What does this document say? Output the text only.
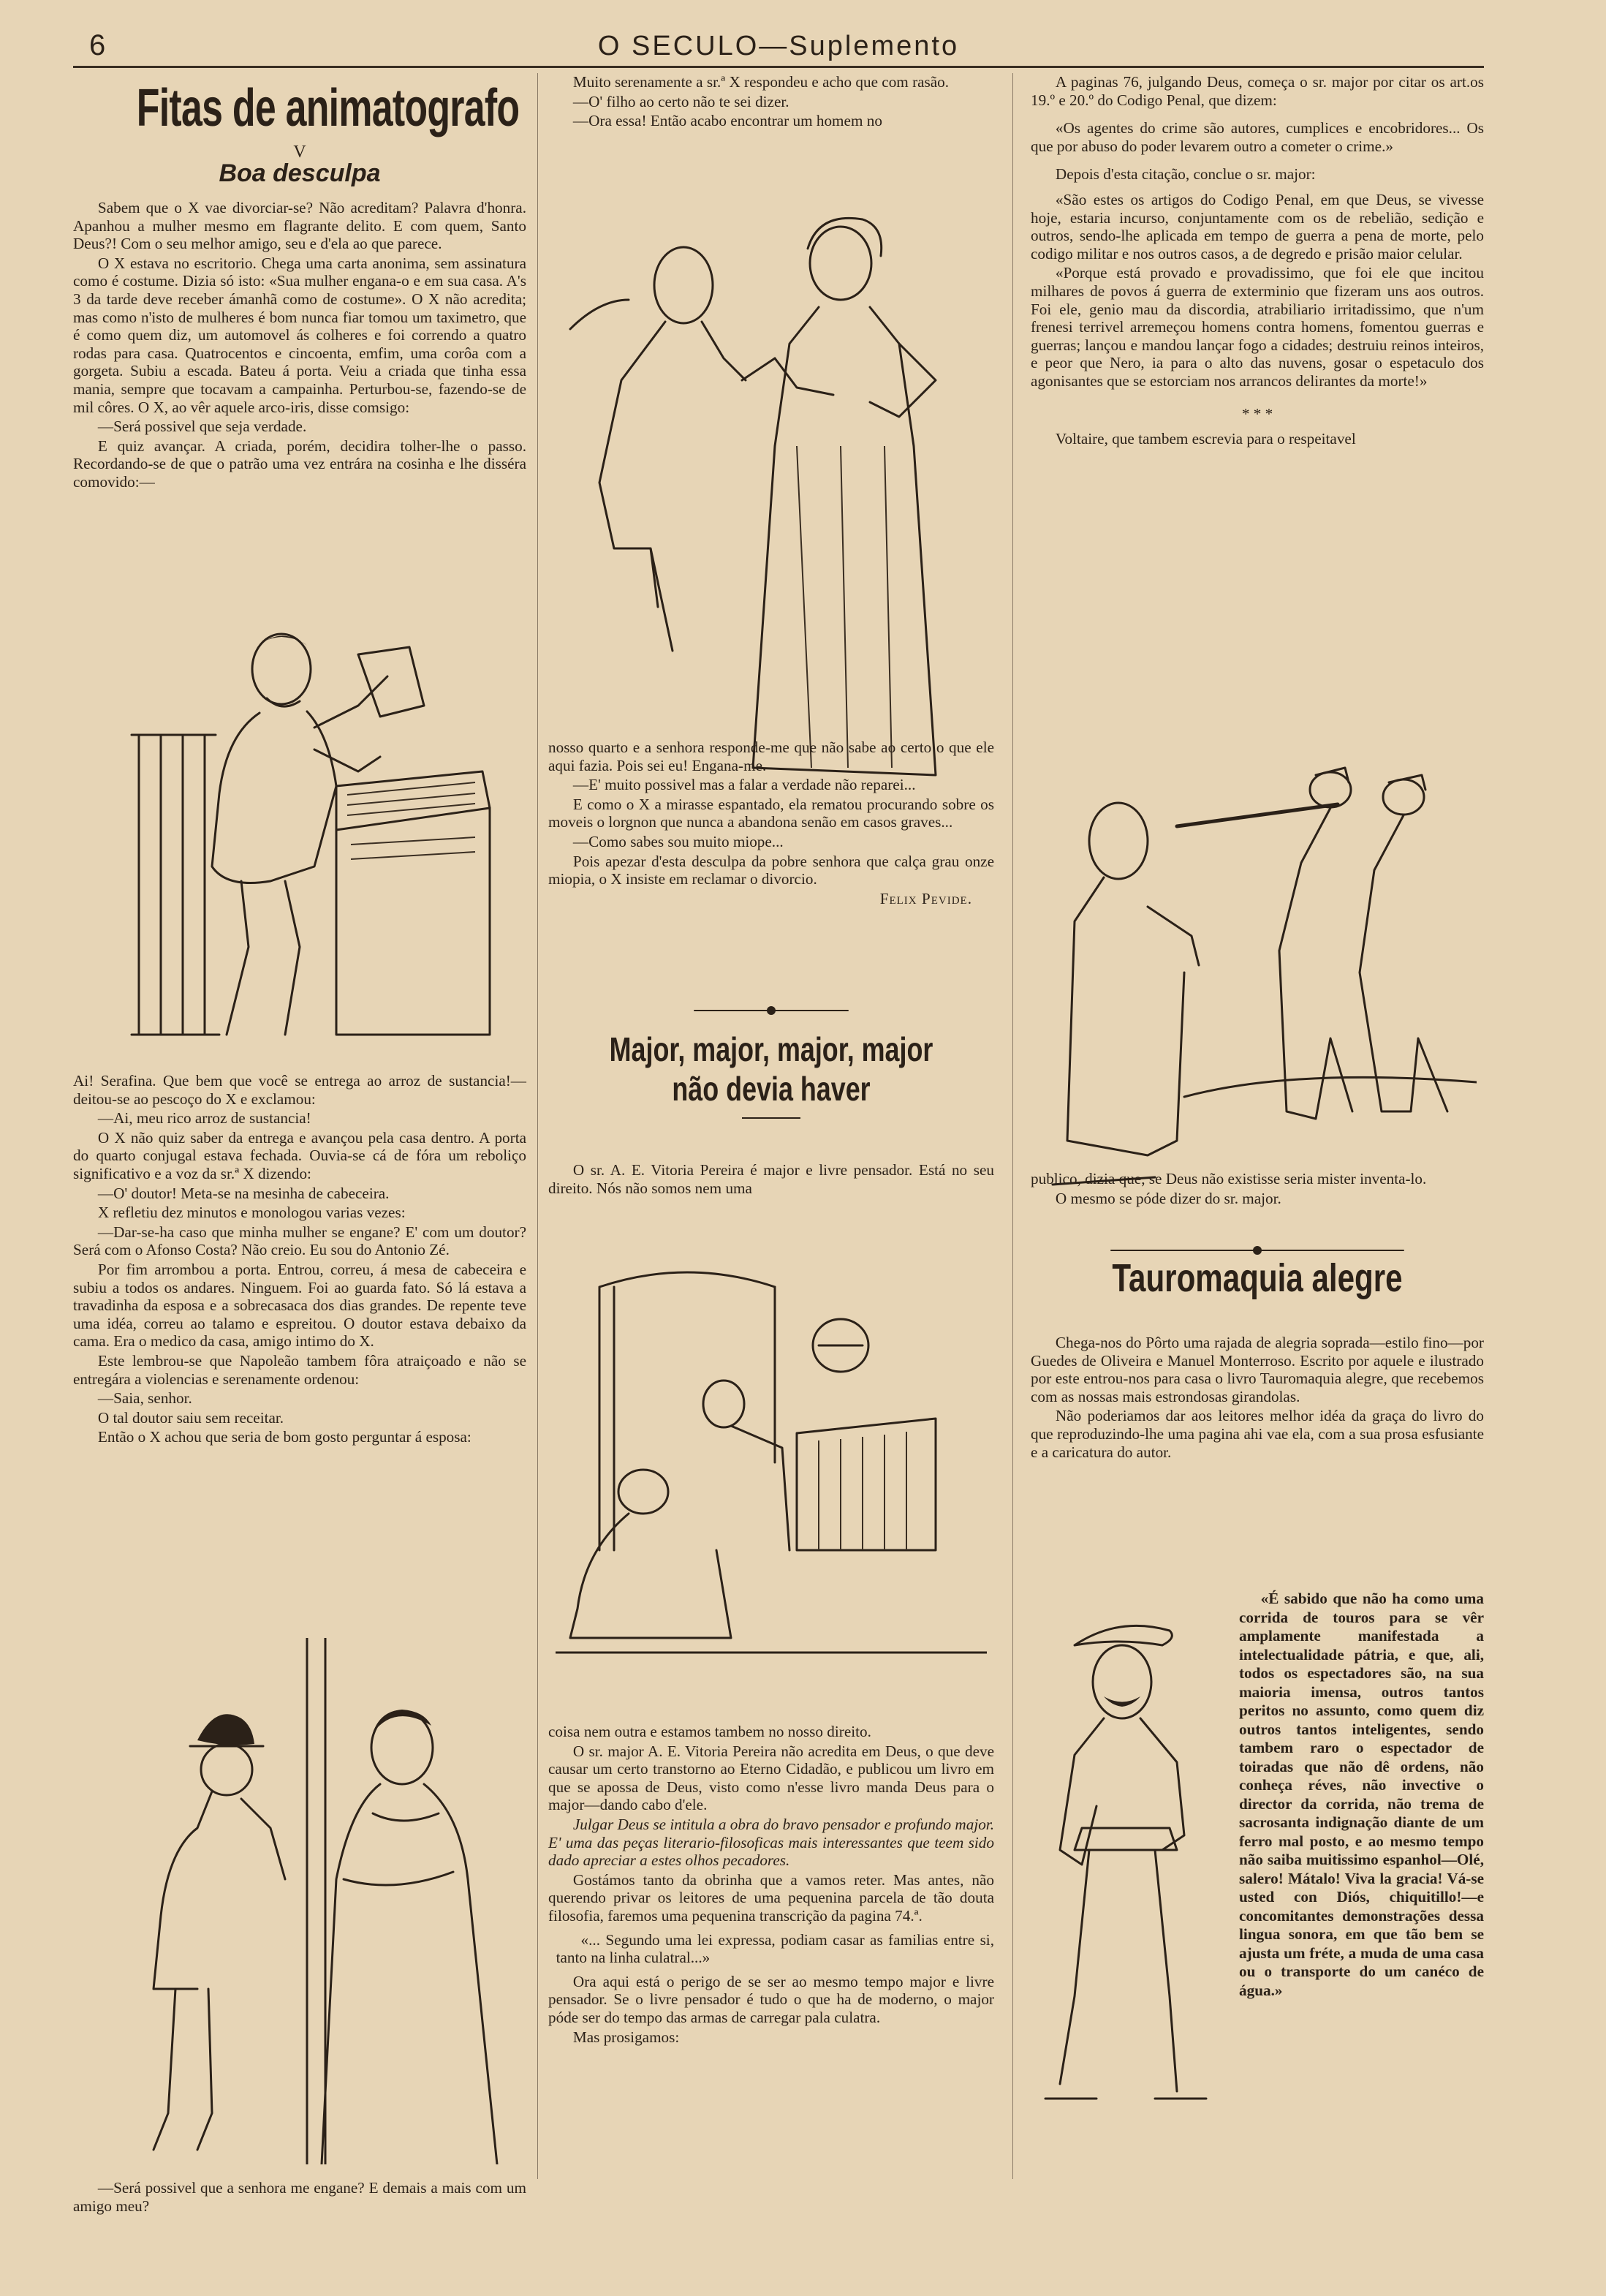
6	O SECULO—Suplemento
Fitas de animatografo
V
Boa desculpa

Sabem que o X vae divorciar-se? Não acreditam? Palavra d'honra. Apanhou a mulher mesmo em flagrante delito. E com quem, Santo Deus?! Com o seu melhor amigo, seu e d'ela ao que parece.

O X estava no escritorio. Chega uma carta anonima, sem assinatura como é costume. Dizia só isto: «Sua mulher engana-o e em sua casa. A's 3 da tarde deve receber ámanhã como de costume». O X não acredita; mas como n'isto de mulheres é bom nunca fiar tomou um taximetro, que é como quem diz, um automovel ás colheres e foi correndo a quatro rodas para casa. Quatrocentos e cincoenta, emfim, uma corôa com a gorgeta. Subiu a escada. Bateu á porta. Veiu a criada que tinha essa mania, sempre que tocavam a campainha. Perturbou-se, fazendo-se de mil côres. O X, ao vêr aquele arco-iris, disse comsigo:

—Será possivel que seja verdade.

E quiz avançar. A criada, porém, decidira tolher-lhe o passo. Recordando-se de que o patrão uma vez entrára na cosinha e lhe disséra comovido:—

Ai! Serafina. Que bem que você se entrega ao arroz de sustancia!—deitou-se ao pescoço do X e exclamou:

—Ai, meu rico arroz de sustancia!

O X não quiz saber da entrega e avançou pela casa dentro. A porta do quarto conjugal estava fechada. Ouvia-se cá de fóra um reboliço significativo e a voz da sr.ª X dizendo:

—O' doutor! Meta-se na mesinha de cabeceira.

X refletiu dez minutos e monologou varias vezes:

—Dar-se-ha caso que minha mulher se engane? E' com um doutor? Será com o Afonso Costa? Não creio. Eu sou do Antonio Zé.

Por fim arrombou a porta. Entrou, correu, á mesa de cabeceira e subiu a todos os andares. Ninguem. Foi ao guarda fato. Só lá estava a travadinha da esposa e a sobrecasaca dos dias grandes. De repente teve uma idéa, correu ao talamo e espreitou. O doutor estava debaixo da cama. Era o medico da casa, amigo intimo do X.

Este lembrou-se que Napoleão tambem fôra atraiçoado e não se entregára a violencias e serenamente ordenou:

—Saia, senhor.

O tal doutor saiu sem receitar.

Então o X achou que seria de bom gosto perguntar á esposa:

—Será possivel que a senhora me engane? E demais a mais com um amigo meu?

Muito serenamente a sr.ª X respondeu e acho que com rasão.

—O' filho ao certo não te sei dizer.

—Ora essa! Então acabo encontrar um homem no

nosso quarto e a senhora responde-me que não sabe ao certo o que ele aqui fazia. Pois sei eu! Engana-me.

—E' muito possivel mas a falar a verdade não reparei...

E como o X a mirasse espantado, ela rematou procurando sobre os moveis o lorgnon que nunca a abandona senão em casos graves...

—Como sabes sou muito miope...

Pois apezar d'esta desculpa da pobre senhora que calça grau onze miopia, o X insiste em reclamar o divorcio.

Felix Pevide.

Major, major, major, major
não devia haver

O sr. A. E. Vitoria Pereira é major e livre pensador. Está no seu direito. Nós não somos nem uma

coisa nem outra e estamos tambem no nosso direito.

O sr. major A. E. Vitoria Pereira não acredita em Deus, o que deve causar um certo transtorno ao Eterno Cidadão, e publicou um livro em que se apossa de Deus, visto como n'esse livro manda Deus para o major—dando cabo d'ele.

Julgar Deus se intitula a obra do bravo pensador e profundo major. E' uma das peças literario-filosoficas mais interessantes que teem sido dado apreciar a estes olhos pecadores.

Gostámos tanto da obrinha que a vamos reter. Mas antes, não querendo privar os leitores de uma pequenina parcela de tão douta filosofia, faremos uma pequenina transcrição da pagina 74.ª.

«... Segundo uma lei expressa, podiam casar as familias entre si, tanto na linha culatral...»

Ora aqui está o perigo de se ser ao mesmo tempo major e livre pensador. Se o livre pensador é tudo o que ha de moderno, o major póde ser do tempo das armas de carregar pala culatra.

Mas prosigamos:

A paginas 76, julgando Deus, começa o sr. major por citar os art.os 19.º e 20.º do Codigo Penal, que dizem:

«Os agentes do crime são autores, cumplices e encobridores... Os que por abuso do poder levarem outro a cometer o crime.»

Depois d'esta citação, conclue o sr. major:

«São estes os artigos do Codigo Penal, em que Deus, se vivesse hoje, estaria incurso, conjuntamente com os de rebelião, sedição e outros, sendo-lhe aplicada em tempo de guerra a pena de morte, pelo codigo militar e nos outros casos, a de degredo e prisão maior celular.

«Porque está provado e provadissimo, que foi ele que incitou milhares de povos á guerra de exterminio que fizeram uns aos outros. Foi ele, genio mau da discordia, atrabiliario irritadissimo, que n'um frenesi terrivel arremeçou homens contra homens, fomentou guerras e guerras; lançou e mandou lançar fogo a cidades; destruiu reinos inteiros, e peor que Nero, ia para o alto das nuvens, gosar o espetaculo dos agonisantes que se estorciam nos arrancos delirantes da morte!»

* * *

Voltaire, que tambem escrevia para o respeitavel

publico, dizia que, se Deus não existisse seria mister inventa-lo.

O mesmo se póde dizer do sr. major.

Tauromaquia alegre

Chega-nos do Pôrto uma rajada de alegria soprada—estilo fino—por Guedes de Oliveira e Manuel Monterroso. Escrito por aquele e ilustrado por este entrou-nos para casa o livro Tauromaquia alegre, que recebemos com as nossas mais estrondosas girandolas.

Não poderiamos dar aos leitores melhor idéa da graça do livro do que reproduzindo-lhe uma pagina ahi vae ela, com a sua prosa esfusiante e a caricatura do autor.

«É sabido que não ha como uma corrida de touros para se vêr amplamente manifestada a intelectualidade pátria, e que, ali, todos os espectadores são, na sua maioria imensa, outros tantos peritos no assunto, como quem diz outros tantos inteligentes, sendo tambem raro o espectador de toiradas que não dê ordens, não conheça réves, não invective o director da corrida, não trema de sacrosanta indignação diante de um ferro mal posto, e ao mesmo tempo não saiba muitissimo espanhol—Olé, salero! Mátalo! Viva la gracia! Vá-se usted con Diós, chiquitillo!—e concomitantes demonstrações dessa lingua sonora, em que tão bem se ajusta um fréte, a muda de uma casa ou o transporte do um canéco de água.»
